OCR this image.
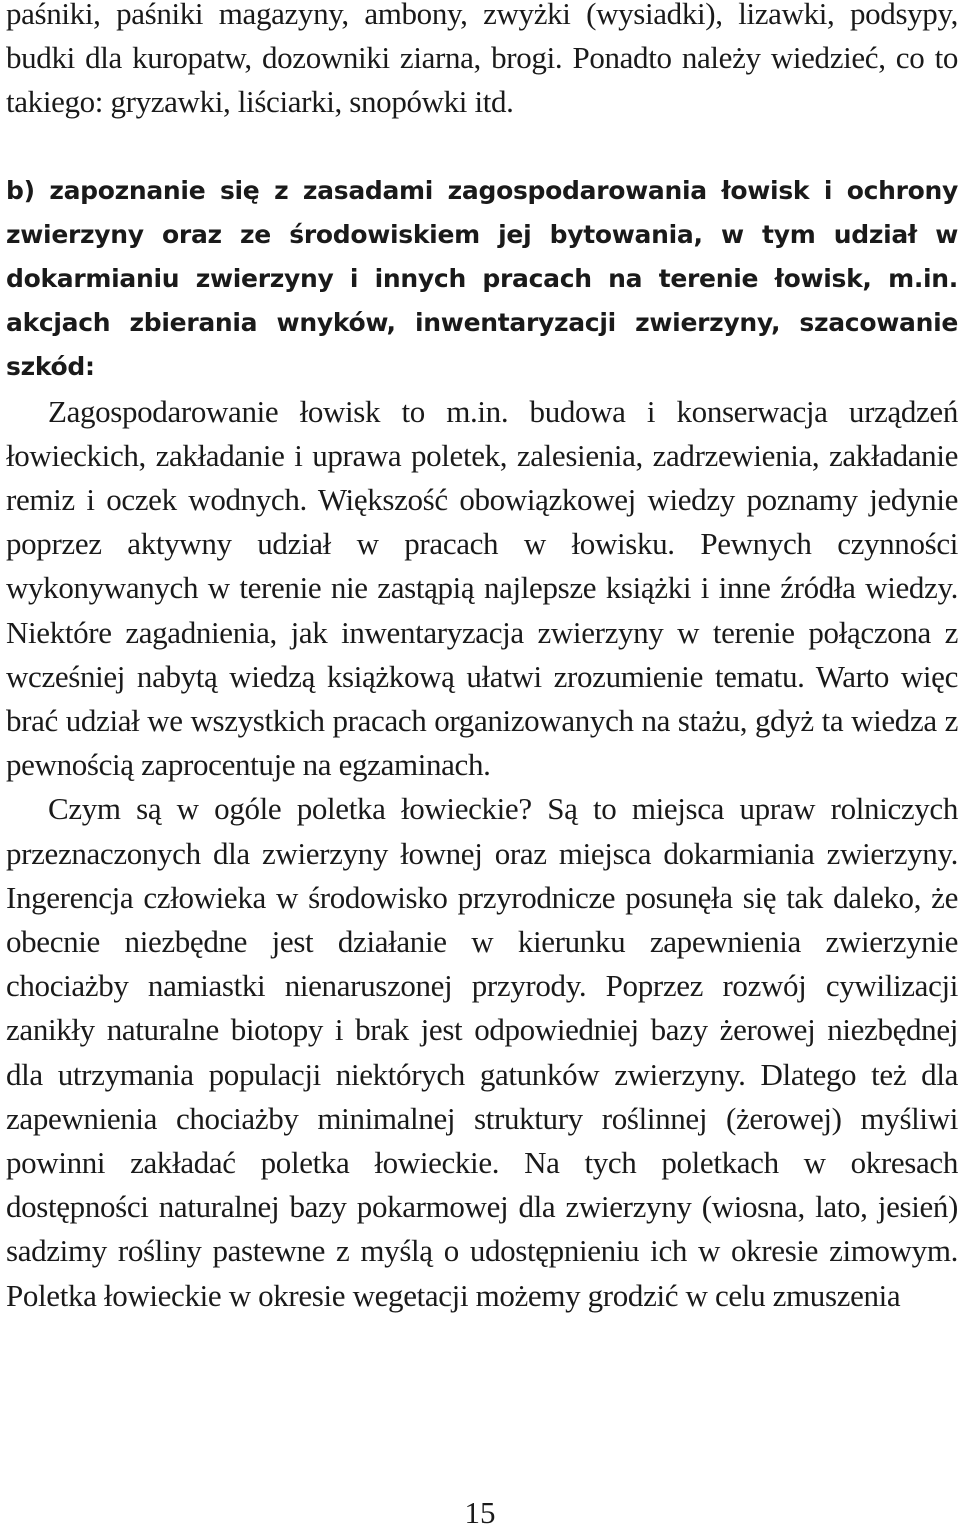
paśniki, paśniki magazyny, ambony, zwyżki (wysiadki), lizawki, podsypy, budki dla kuropatw, dozowniki ziarna, brogi. Ponadto należy wiedzieć, co to takiego: gryzawki, liściarki, snopówki itd.

b) zapoznanie się z zasadami zagospodarowania łowisk i ochrony zwierzyny oraz ze środowiskiem jej bytowania, w tym udział w dokarmianiu zwierzyny i innych pracach na terenie łowisk, m.in. akcjach zbierania wnyków, inwentaryzacji zwierzyny, szacowanie szkód:

Zagospodarowanie łowisk to m.in. budowa i konserwacja urządzeń łowieckich, zakładanie i uprawa poletek, zalesienia, zadrzewienia, zakładanie remiz i oczek wodnych. Większość obowiązkowej wiedzy poznamy jedynie poprzez aktywny udział w pracach w łowisku. Pewnych czynności wykonywanych w terenie nie zastąpią najlepsze książki i inne źródła wiedzy. Niektóre zagadnienia, jak inwentaryzacja zwierzyny w terenie połączona z wcześniej nabytą wiedzą książkową ułatwi zrozumienie tematu. Warto więc brać udział we wszystkich pracach organizowanych na stażu, gdyż ta wiedza z pewnością zaprocentuje na egzaminach.

Czym są w ogóle poletka łowieckie? Są to miejsca upraw rolniczych przeznaczonych dla zwierzyny łownej oraz miejsca dokarmiania zwierzyny. Ingerencja człowieka w środowisko przyrodnicze posunęła się tak daleko, że obecnie niezbędne jest działanie w kierunku zapewnienia zwierzynie chociażby namiastki nienaruszonej przyrody. Poprzez rozwój cywilizacji zanikły naturalne biotopy i brak jest odpowiedniej bazy żerowej niezbędnej dla utrzymania populacji niektórych gatunków zwierzyny. Dlatego też dla zapewnienia chociażby minimalnej struktury roślinnej (żerowej) myśliwi powinni zakładać poletka łowieckie. Na tych poletkach w okresach dostępności naturalnej bazy pokarmowej dla zwierzyny (wiosna, lato, jesień) sadzimy rośliny pastewne z myślą o udostępnieniu ich w okresie zimowym. Poletka łowieckie w okresie wegetacji możemy grodzić w celu zmuszenia

15
